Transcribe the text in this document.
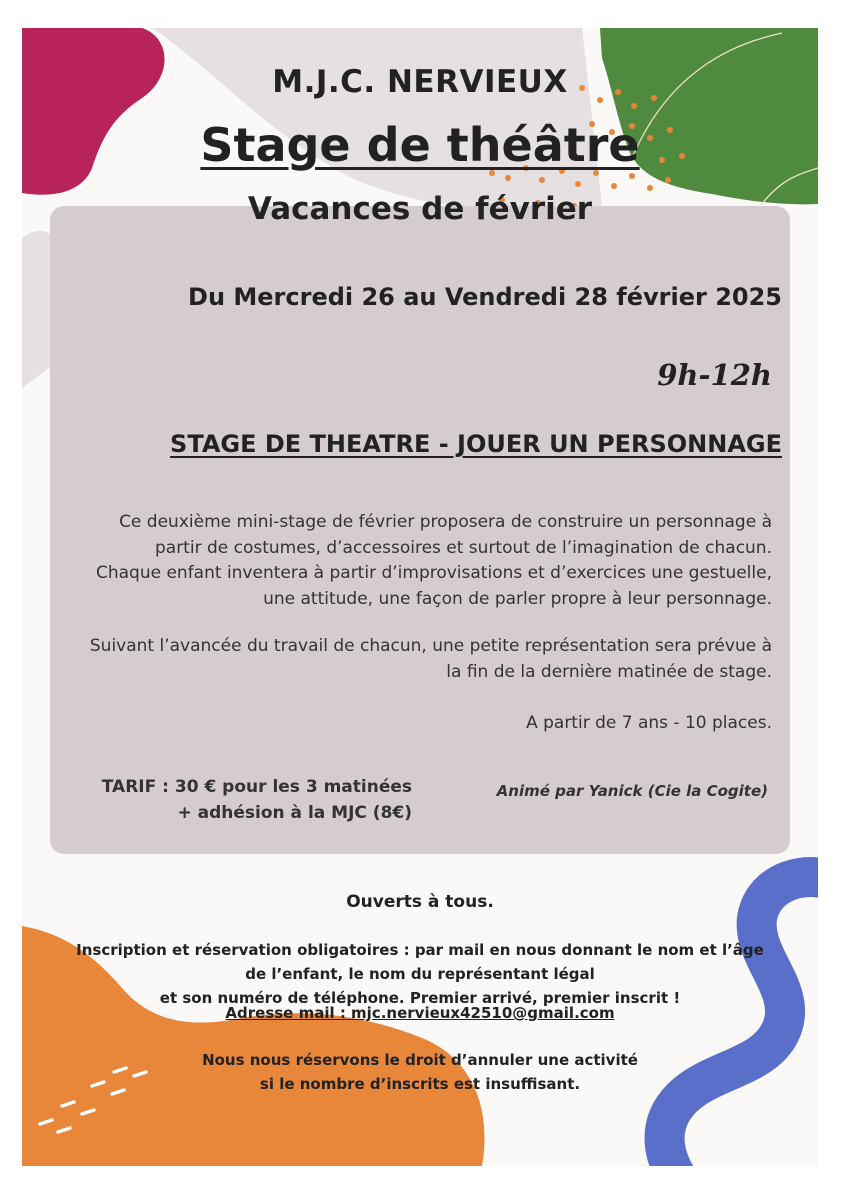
M.J.C. NERVIEUX
Stage de théâtre
Vacances de février
Du Mercredi 26 au Vendredi 28 février 2025
9h-12h
STAGE DE THEATRE - JOUER UN PERSONNAGE
Ce deuxième mini-stage de février proposera de construire un personnage à
partir de costumes, d’accessoires et surtout de l’imagination de chacun.
Chaque enfant inventera à partir d’improvisations et d’exercices une gestuelle,
une attitude, une façon de parler propre à leur personnage.
Suivant l’avancée du travail de chacun, une petite représentation sera prévue à
la fin de la dernière matinée de stage.
A partir de 7 ans - 10 places.
TARIF : 30 € pour les 3 matinées
+ adhésion à la MJC (8€)
Animé par Yanick (Cie la Cogite)
Ouverts à tous.
Inscription et réservation obligatoires : par mail en nous donnant le nom et l’âge
de l’enfant, le nom du représentant légal
et son numéro de téléphone. Premier arrivé, premier inscrit !
Adresse mail : mjc.nervieux42510@gmail.com
Nous nous réservons le droit d’annuler une activité
si le nombre d’inscrits est insuffisant.
